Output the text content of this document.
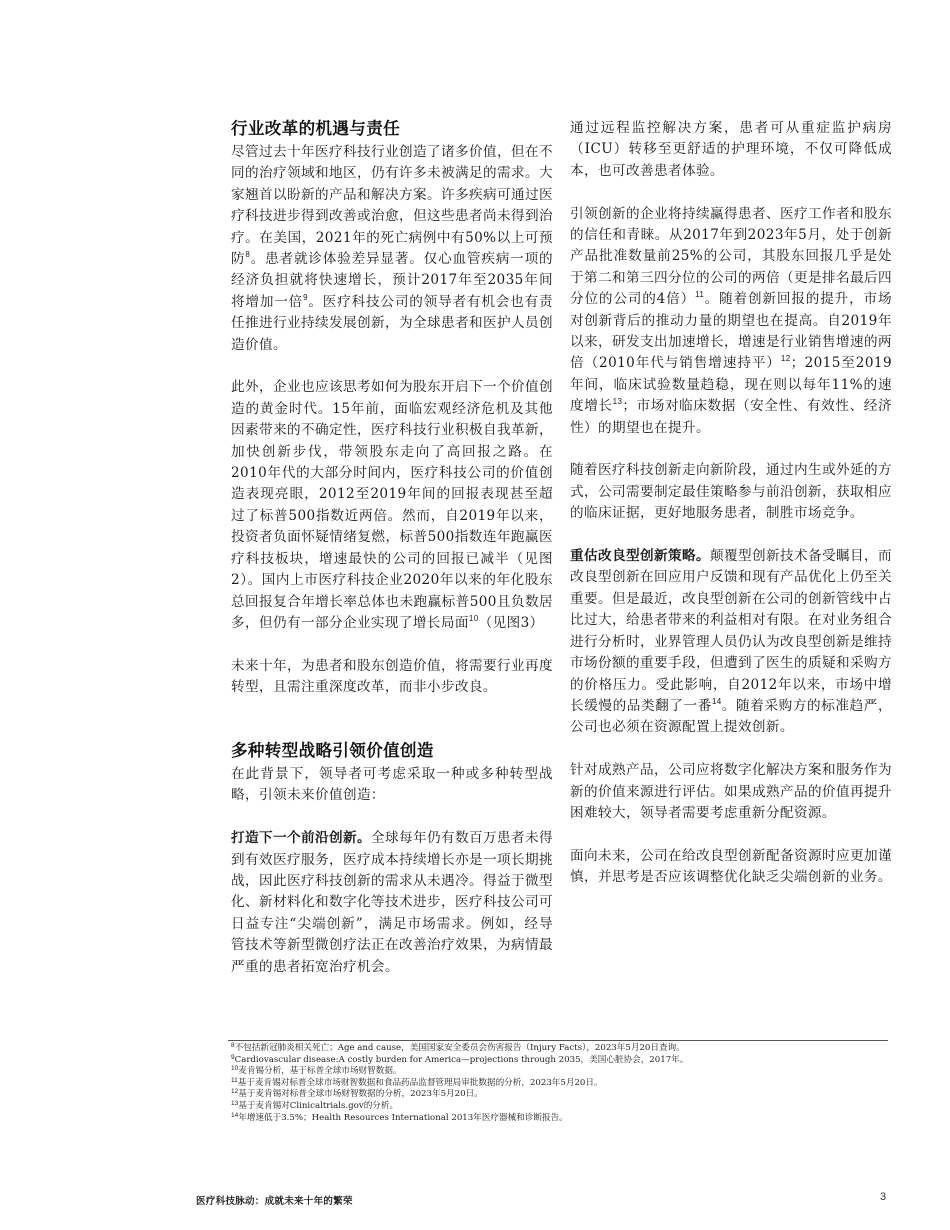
行业改革的机遇与责任

尽管过去十年医疗科技行业创造了诸多价值，但在不同的治疗领域和地区，仍有许多未被满足的需求。大家翘首以盼新的产品和解决方案。许多疾病可通过医疗科技进步得到改善或治愈，但这些患者尚未得到治疗。在美国，2021年的死亡病例中有50%以上可预防$^8$。患者就诊体验差异显著。仅心血管疾病一项的经济负担就将快速增长，预计2017年至2035年间将增加一倍$^9$。医疗科技公司的领导者有机会也有责任推进行业持续发展创新，为全球患者和医护人员创造价值。

此外，企业也应该思考如何为股东开启下一个价值创造的黄金时代。15年前，面临宏观经济危机及其他因素带来的不确定性，医疗科技行业积极自我革新，加快创新步伐，带领股东走向了高回报之路。在2010年代的大部分时间内，医疗科技公司的价值创造表现亮眼，2012至2019年间的回报表现甚至超过了标普500指数近两倍。然而，自2019年以来，投资者负面怀疑情绪复燃，标普500指数连年跑赢医疗科技板块，增速最快的公司的回报已减半（见图2）。国内上市医疗科技企业2020年以来的年化股东总回报复合年增长率总体也未跑赢标普500且负数居多，但仍有一部分企业实现了增长局面$^{10}$（见图3）

未来十年，为患者和股东创造价值，将需要行业再度转型，且需注重深度改革，而非小步改良。

多种转型战略引领价值创造

在此背景下，领导者可考虑采取一种或多种转型战略，引领未来价值创造：

打造下一个前沿创新。全球每年仍有数百万患者未得到有效医疗服务，医疗成本持续增长亦是一项长期挑战，因此医疗科技创新的需求从未遇冷。得益于微型化、新材料化和数字化等技术进步，医疗科技公司可日益专注“尖端创新”，满足市场需求。例如，经导管技术等新型微创疗法正在改善治疗效果，为病情最严重的患者拓宽治疗机会。

通过远程监控解决方案，患者可从重症监护病房（ICU）转移至更舒适的护理环境，不仅可降低成本，也可改善患者体验。

引领创新的企业将持续赢得患者、医疗工作者和股东的信任和青睐。从2017年到2023年5月，处于创新产品批准数量前25%的公司，其股东回报几乎是处于第二和第三四分位的公司的两倍（更是排名最后四分位的公司的4倍）$^{11}$。随着创新回报的提升，市场对创新背后的推动力量的期望也在提高。自2019年以来，研发支出加速增长，增速是行业销售增速的两倍（2010年代与销售增速持平）$^{12}$；2015至2019年间，临床试验数量趋稳，现在则以每年11%的速度增长$^{13}$；市场对临床数据（安全性、有效性、经济性）的期望也在提升。

随着医疗科技创新走向新阶段，通过内生或外延的方式，公司需要制定最佳策略参与前沿创新，获取相应的临床证据，更好地服务患者，制胜市场竞争。

重估改良型创新策略。颠覆型创新技术备受瞩目，而改良型创新在回应用户反馈和现有产品优化上仍至关重要。但是最近，改良型创新在公司的创新管线中占比过大，给患者带来的利益相对有限。在对业务组合进行分析时，业界管理人员仍认为改良型创新是维持市场份额的重要手段，但遭到了医生的质疑和采购方的价格压力。受此影响，自2012年以来，市场中增长缓慢的品类翻了一番$^{14}$。随着采购方的标准趋严，公司也必须在资源配置上提效创新。

针对成熟产品，公司应将数字化解决方案和服务作为新的价值来源进行评估。如果成熟产品的价值再提升困难较大，领导者需要考虑重新分配资源。

面向未来，公司在给改良型创新配备资源时应更加谨慎，并思考是否应该调整优化缺乏尖端创新的业务。

$^8$不包括新冠肺炎相关死亡；Age and cause，美国国家安全委员会伤害报告（Injury Facts），2023年5月20日查询。
$^9$Cardiovascular disease:A costly burden for America—projections through 2035，美国心脏协会，2017年。
$^{10}$麦肯锡分析，基于标普全球市场财智数据。
$^{11}$基于麦肯锡对标普全球市场财智数据和食品药品监督管理局审批数据的分析，2023年5月20日。
$^{12}$基于麦肯锡对标普全球市场财智数据的分析，2023年5月20日。
$^{13}$基于麦肯锡对Clinicaltrials.gov的分析。
$^{14}$年增速低于3.5%；Health Resources International 2013年医疗器械和诊断报告。
医疗科技脉动：成就未来十年的繁荣	3
